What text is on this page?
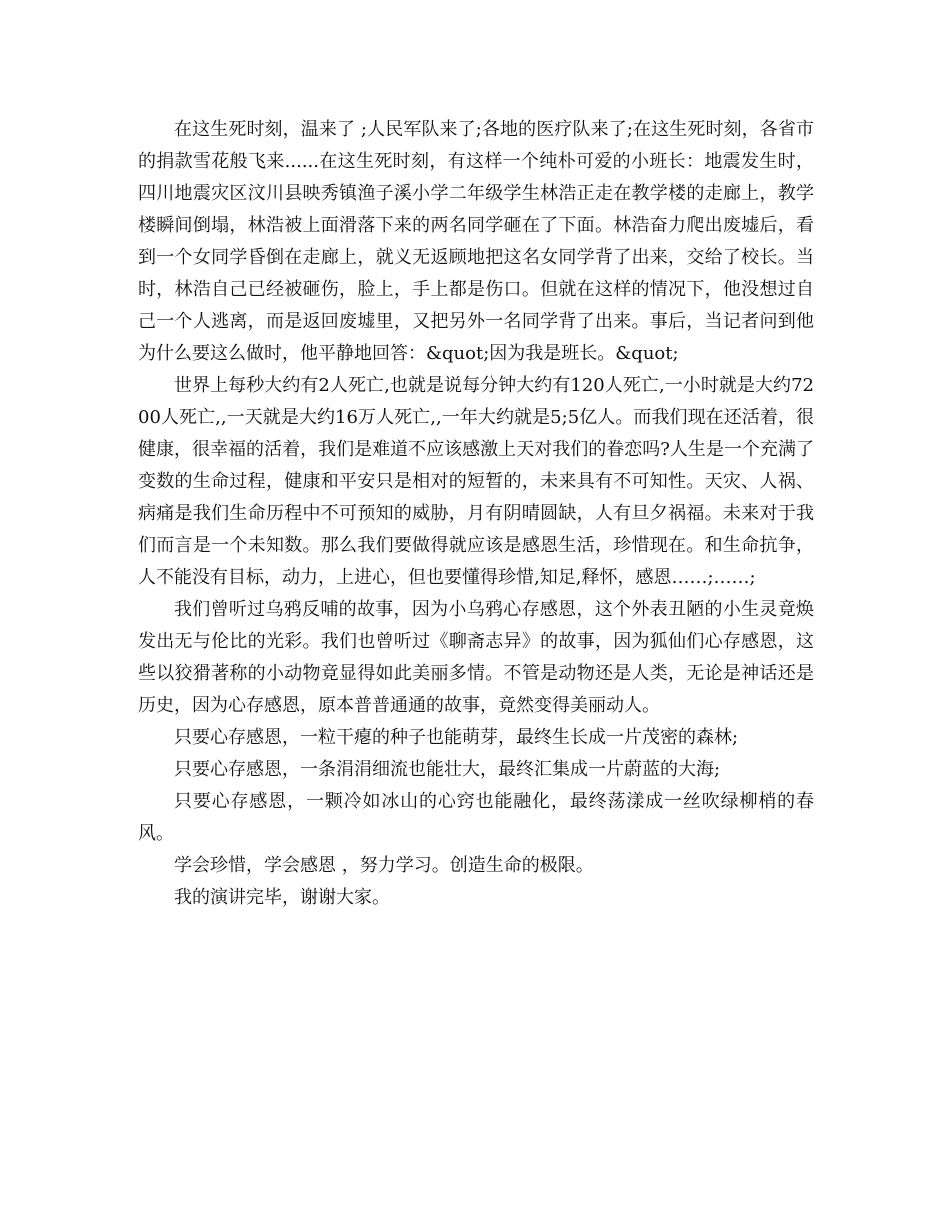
在这生死时刻，温来了 ;人民军队来了;各地的医疗队来了;在这生死时刻，各省市的捐款雪花般飞来......在这生死时刻，有这样一个纯朴可爱的小班长：地震发生时，四川地震灾区汶川县映秀镇渔子溪小学二年级学生林浩正走在教学楼的走廊上，教学楼瞬间倒塌，林浩被上面滑落下来的两名同学砸在了下面。林浩奋力爬出废墟后，看到一个女同学昏倒在走廊上，就义无返顾地把这名女同学背了出来，交给了校长。当时，林浩自己已经被砸伤，脸上，手上都是伤口。但就在这样的情况下，他没想过自己一个人逃离，而是返回废墟里，又把另外一名同学背了出来。事后，当记者问到他为什么要这么做时，他平静地回答：&quot;因为我是班长。&quot;

世界上每秒大约有2人死亡,也就是说每分钟大约有120人死亡,一小时就是大约7200人死亡,,一天就是大约16万人死亡,,一年大约就是5;5亿人。而我们现在还活着，很健康，很幸福的活着，我们是难道不应该感激上天对我们的眷恋吗?人生是一个充满了变数的生命过程，健康和平安只是相对的短暂的，未来具有不可知性。天灾、人祸、病痛是我们生命历程中不可预知的威胁，月有阴晴圆缺，人有旦夕祸福。未来对于我们而言是一个未知数。那么我们要做得就应该是感恩生活，珍惜现在。和生命抗争，人不能没有目标，动力，上进心，但也要懂得珍惜,知足,释怀，感恩……;……;

我们曾听过乌鸦反哺的故事，因为小乌鸦心存感恩，这个外表丑陋的小生灵竟焕发出无与伦比的光彩。我们也曾听过《聊斋志异》的故事，因为狐仙们心存感恩，这些以狡猾著称的小动物竟显得如此美丽多情。不管是动物还是人类，无论是神话还是历史，因为心存感恩，原本普普通通的故事，竟然变得美丽动人。

只要心存感恩，一粒干瘪的种子也能萌芽，最终生长成一片茂密的森林;

只要心存感恩，一条涓涓细流也能壮大，最终汇集成一片蔚蓝的大海;

只要心存感恩，一颗冷如冰山的心窍也能融化，最终荡漾成一丝吹绿柳梢的春风。

学会珍惜，学会感恩 ，努力学习。创造生命的极限。

我的演讲完毕，谢谢大家。
